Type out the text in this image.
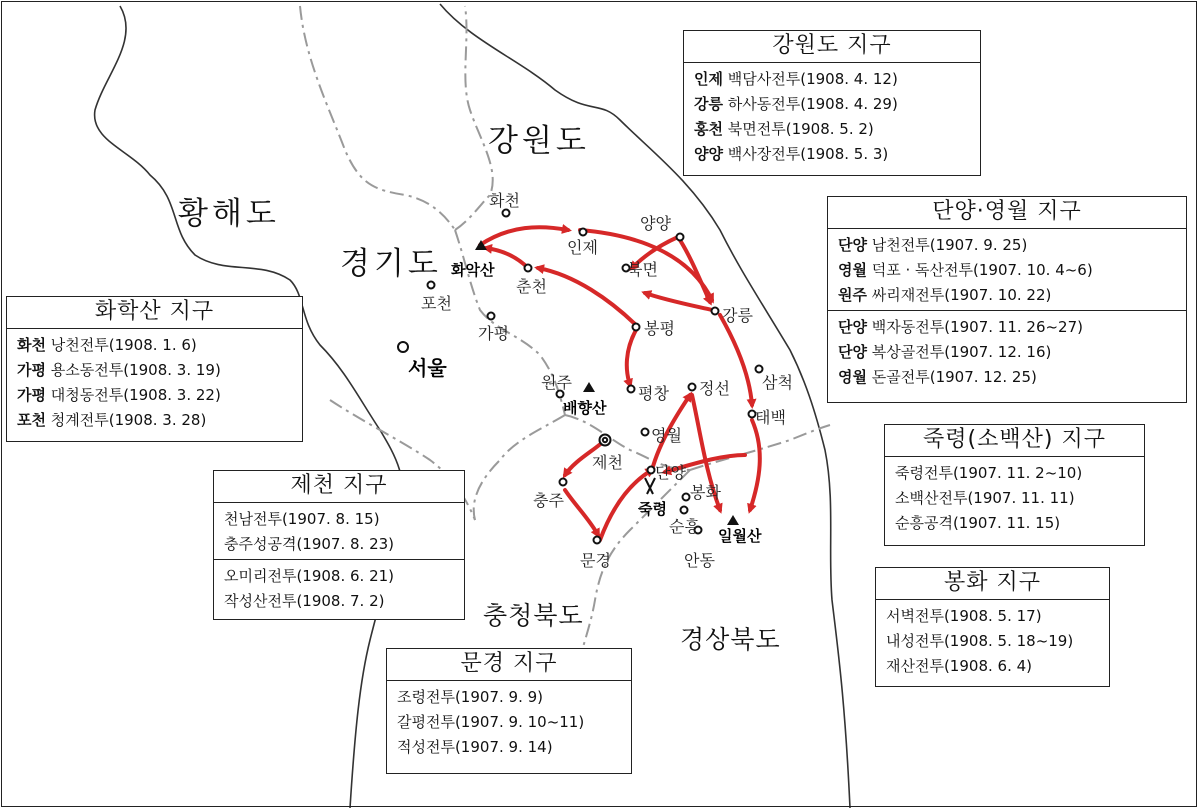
황해도
경기도
강원도
충청북도
경상북도
화천
인제
양양
북면
춘천
화악산
포천
가평
서울
강릉
봉평
삼척
태백
원주
배향산
평창 정선
영월
제천
단양
봉화
충주	죽령
순흥 일월산
문경	안동
강원도 지구
인제 백담사전투(1908. 4. 12)
강릉 하사동전투(1908. 4. 29)
홍천 북면전투(1908. 5. 2)
양양 백사장전투(1908. 5. 3)
단양·영월 지구
단양 남천전투(1907. 9. 25)
영월 덕포 · 독산전투(1907. 10. 4~6)
원주 싸리재전투(1907. 10. 22)
단양 백자동전투(1907. 11. 26~27)
단양 복상골전투(1907. 12. 16)
영월 돈골전투(1907. 12. 25)
화학산 지구
화천 낭천전투(1908. 1. 6)
가평 용소동전투(1908. 3. 19)
가평 대청동전투(1908. 3. 22)
포천 청계전투(1908. 3. 28)
제천 지구
천남전투(1907. 8. 15)
충주성공격(1907. 8. 23)
오미리전투(1908. 6. 21)
작성산전투(1908. 7. 2)
죽령(소백산) 지구
죽령전투(1907. 11. 2~10)
소백산전투(1907. 11. 11)
순흥공격(1907. 11. 15)
봉화 지구
서벽전투(1908. 5. 17)
내성전투(1908. 5. 18~19)
재산전투(1908. 6. 4)
문경 지구
조령전투(1907. 9. 9)
갈평전투(1907. 9. 10~11)
적성전투(1907. 9. 14)
